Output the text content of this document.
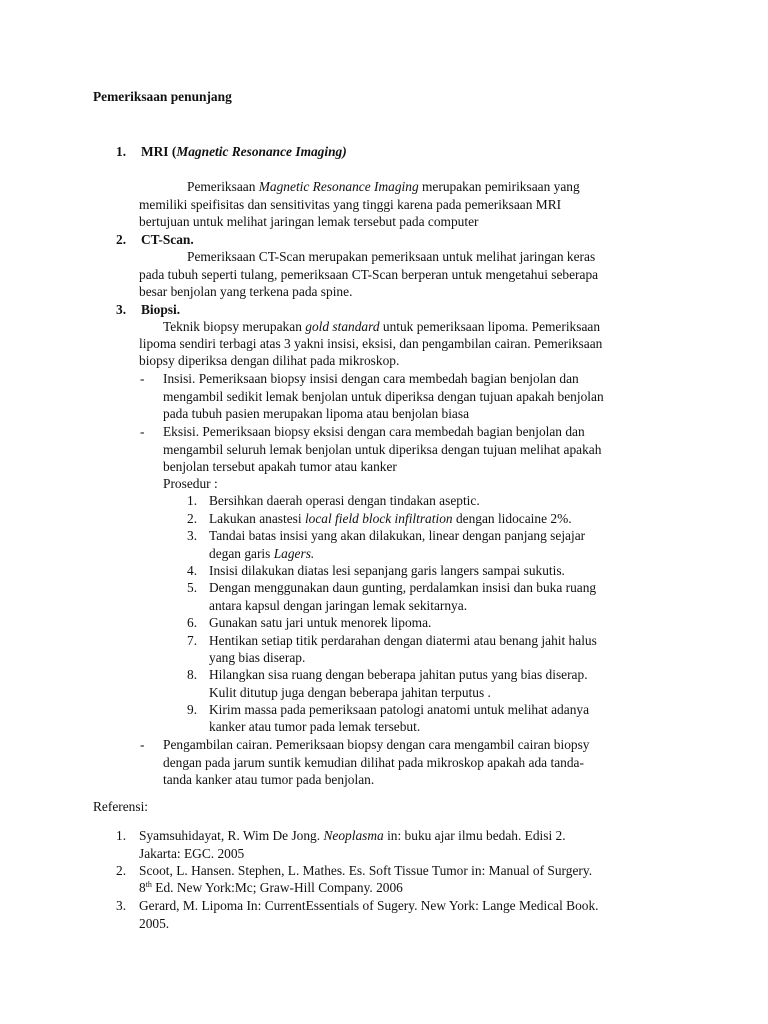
Pemeriksaan penunjang
1. MRI (Magnetic Resonance Imaging)
Pemeriksaan Magnetic Resonance Imaging merupakan pemiriksaan yang
memiliki speifisitas dan sensitivitas yang tinggi karena pada pemeriksaan MRI
bertujuan untuk melihat jaringan lemak tersebut pada computer
2. CT-Scan.
Pemeriksaan CT-Scan merupakan pemeriksaan untuk melihat jaringan keras
pada tubuh seperti tulang, pemeriksaan CT-Scan berperan untuk mengetahui seberapa
besar benjolan yang terkena pada spine.
3. Biopsi.
Teknik biopsy merupakan gold standard untuk pemeriksaan lipoma. Pemeriksaan
lipoma sendiri terbagi atas 3 yakni insisi, eksisi, dan pengambilan cairan. Pemeriksaan
biopsy diperiksa dengan dilihat pada mikroskop.
- Insisi. Pemeriksaan biopsy insisi dengan cara membedah bagian benjolan dan
mengambil sedikit lemak benjolan untuk diperiksa dengan tujuan apakah benjolan
pada tubuh pasien merupakan lipoma atau benjolan biasa
- Eksisi. Pemeriksaan biopsy eksisi dengan cara membedah bagian benjolan dan
mengambil seluruh lemak benjolan untuk diperiksa dengan tujuan melihat apakah
benjolan tersebut apakah tumor atau kanker
Prosedur :
1. Bersihkan daerah operasi dengan tindakan aseptic.
2. Lakukan anastesi local field block infiltration dengan lidocaine 2%.
3. Tandai batas insisi yang akan dilakukan, linear dengan panjang sejajar
degan garis Lagers.
4. Insisi dilakukan diatas lesi sepanjang garis langers sampai sukutis.
5. Dengan menggunakan daun gunting, perdalamkan insisi dan buka ruang
antara kapsul dengan jaringan lemak sekitarnya.
6. Gunakan satu jari untuk menorek lipoma.
7. Hentikan setiap titik perdarahan dengan diatermi atau benang jahit halus
yang bias diserap.
8. Hilangkan sisa ruang dengan beberapa jahitan putus yang bias diserap.
Kulit ditutup juga dengan beberapa jahitan terputus .
9. Kirim massa pada pemeriksaan patologi anatomi untuk melihat adanya
kanker atau tumor pada lemak tersebut.
- Pengambilan cairan. Pemeriksaan biopsy dengan cara mengambil cairan biopsy
dengan pada jarum suntik kemudian dilihat pada mikroskop apakah ada tanda-
tanda kanker atau tumor pada benjolan.
Referensi:
1. Syamsuhidayat, R. Wim De Jong. Neoplasma in: buku ajar ilmu bedah. Edisi 2.
Jakarta: EGC. 2005
2. Scoot, L. Hansen. Stephen, L. Mathes. Es. Soft Tissue Tumor in: Manual of Surgery.
8th Ed. New York:Mc; Graw-Hill Company. 2006
3. Gerard, M. Lipoma In: CurrentEssentials of Sugery. New York: Lange Medical Book.
2005.
